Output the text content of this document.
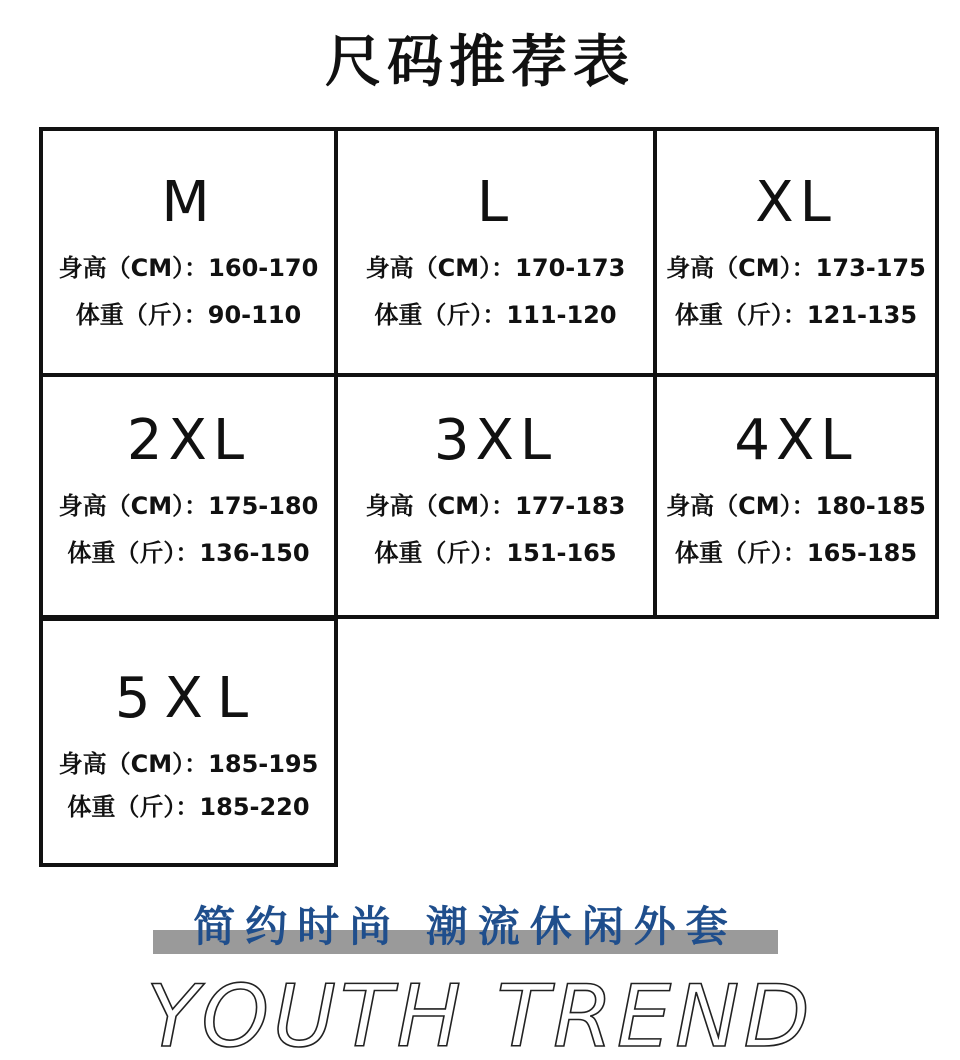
尺码推荐表
M
身高（CM）：160-170
体重（斤）：90-110
L
身高（CM）：170-173
体重（斤）：111-120
XL
身高（CM）：173-175
体重（斤）：121-135
2XL
身高（CM）：175-180
体重（斤）：136-150
3XL
身高（CM）：177-183
体重（斤）：151-165
4XL
身高（CM）：180-185
体重（斤）：165-185
5XL
身高（CM）：185-195
体重（斤）：185-220
简约时尚 潮流休闲外套
YOUTH TREND
